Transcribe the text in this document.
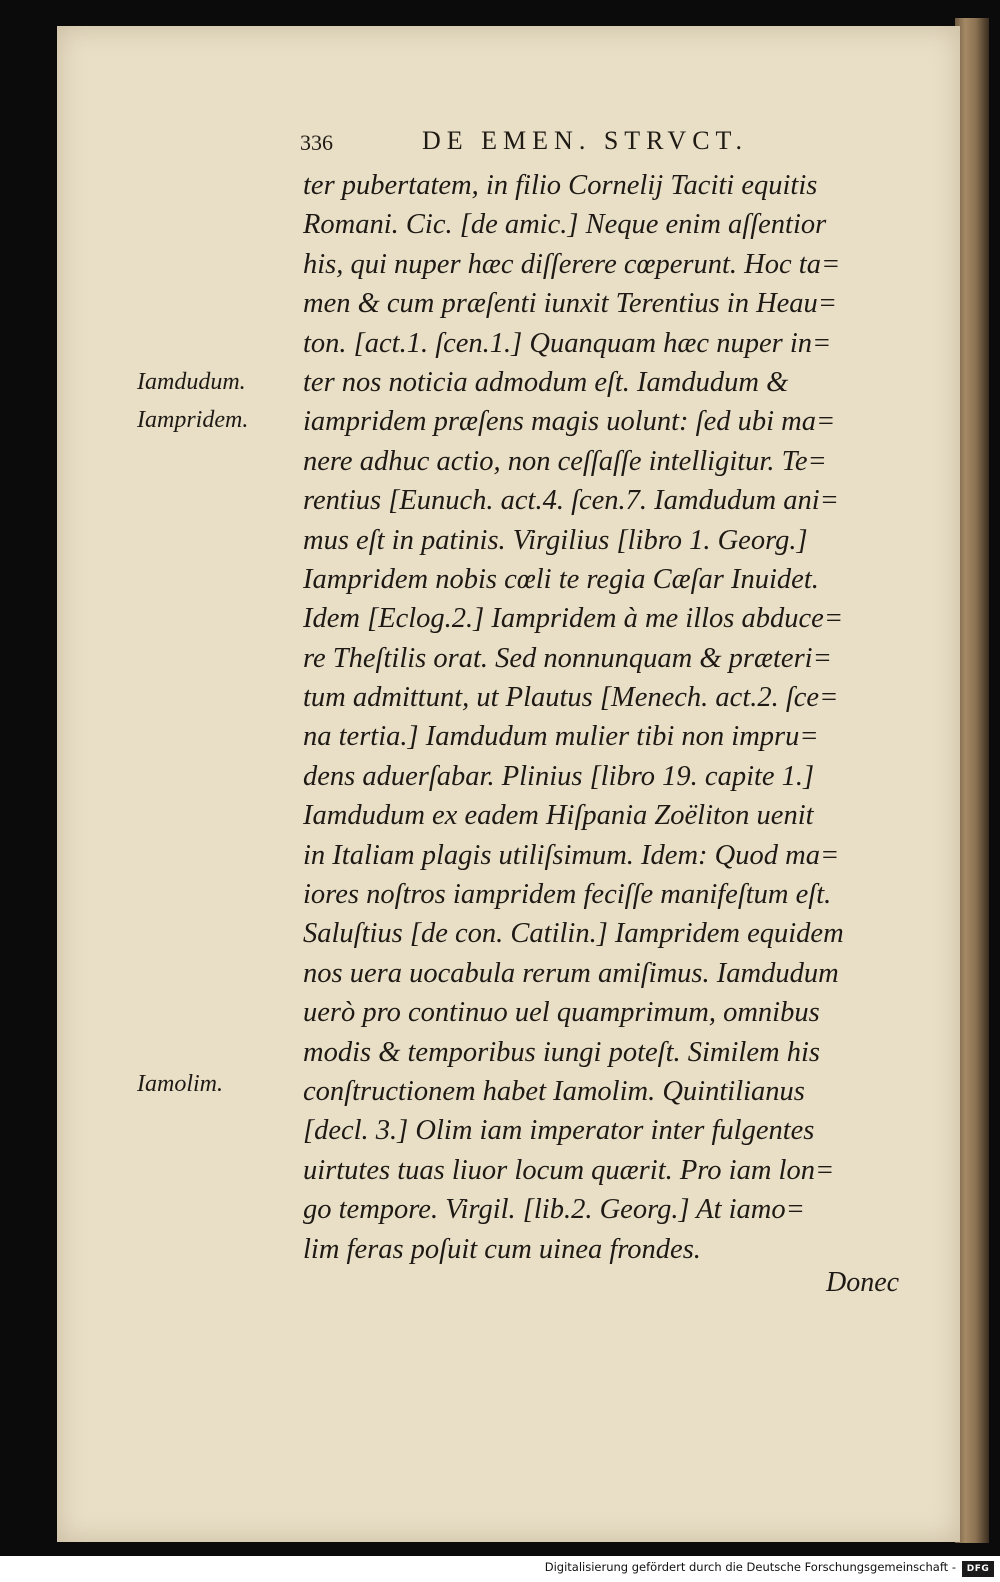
336	DE EMEN. STRVCT.
Iamdudum.
Iampridem.
Iamolim.
ter pubertatem, in filio Cornelij Taciti equitis
Romani. Cic. [de amic.] Neque enim aſſentior
his, qui nuper hæc diſſerere cœperunt. Hoc ta=
men & cum præſenti iunxit Terentius in Heau=
ton. [act.1. ſcen.1.] Quanquam hæc nuper in=
ter nos noticia admodum eſt. Iamdudum &
iampridem præſens magis uolunt: ſed ubi ma=
nere adhuc actio, non ceſſaſſe intelligitur. Te=
rentius [Eunuch. act.4. ſcen.7. Iamdudum ani=
mus eſt in patinis. Virgilius [libro 1. Georg.]
Iampridem nobis cœli te regia Cæſar Inuidet.
Idem [Eclog.2.] Iampridem à me illos abduce=
re Theſtilis orat. Sed nonnunquam & præteri=
tum admittunt, ut Plautus [Menech. act.2. ſce=
na tertia.] Iamdudum mulier tibi non impru=
dens aduerſabar. Plinius [libro 19. capite 1.]
Iamdudum ex eadem Hiſpania Zoëliton uenit
in Italiam plagis utiliſsimum. Idem: Quod ma=
iores noſtros iampridem feciſſe manifeſtum eſt.
Saluſtius [de con. Catilin.] Iampridem equidem
nos uera uocabula rerum amiſimus. Iamdudum
uerò pro continuo uel quamprimum, omnibus
modis & temporibus iungi poteſt. Similem his
conſtructionem habet Iamolim. Quintilianus
[decl. 3.] Olim iam imperator inter fulgentes
uirtutes tuas liuor locum quærit. Pro iam lon=
go tempore. Virgil. [lib.2. Georg.] At iamo=
lim feras poſuit cum uinea frondes.
Donec
Digitalisierung gefördert durch die Deutsche Forschungsgemeinschaft -	DFG
